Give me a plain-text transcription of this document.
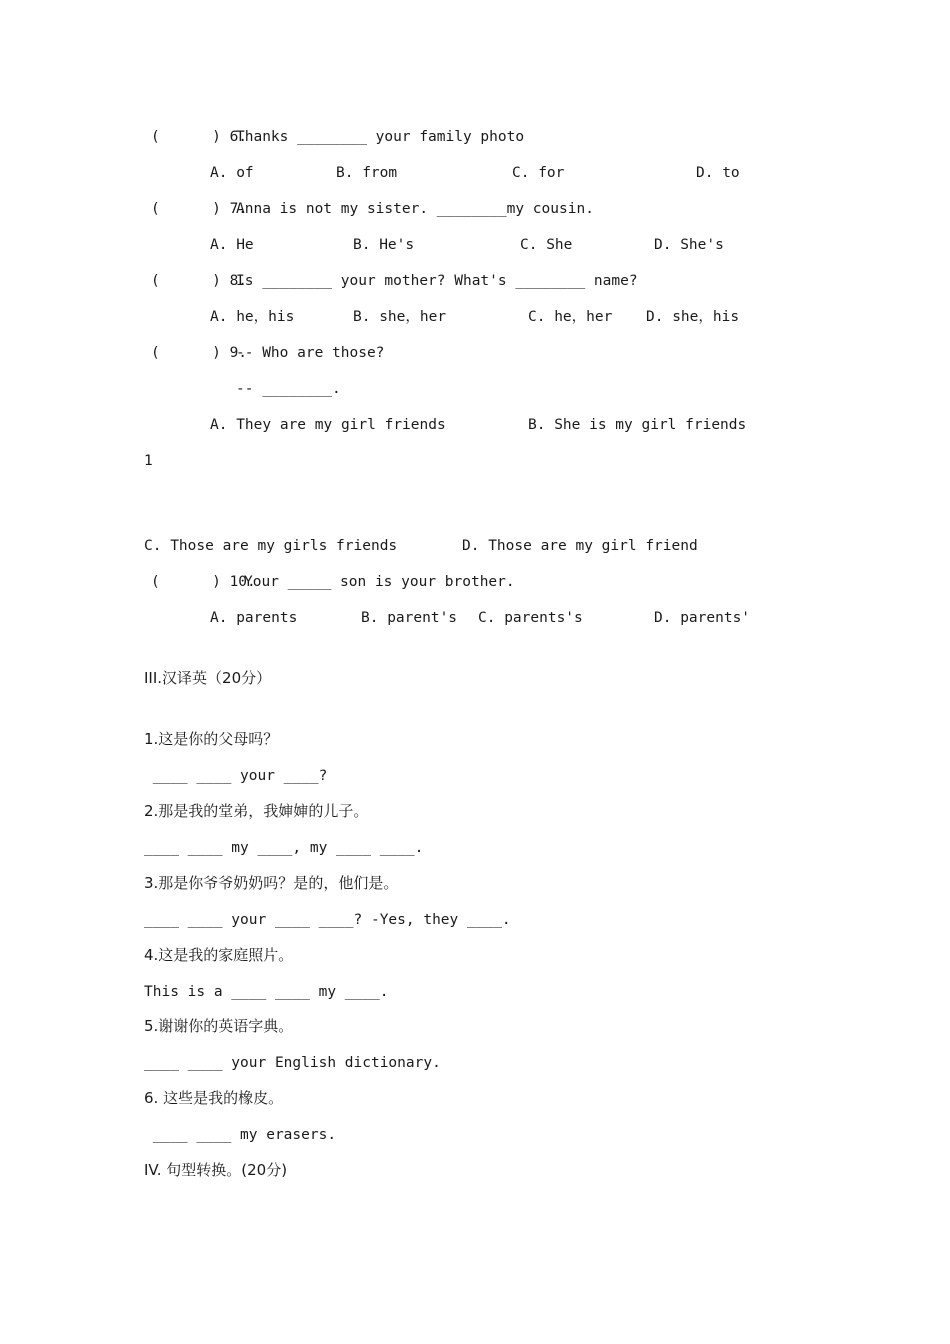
(      ) 6.
Thanks ________ your family photo
A. of	B. from	C. for	D. to
(      ) 7.
Anna is not my sister. ________my cousin.
A. He	B. He's	C. She	D. She's
(      ) 8.
Is ________ your mother? What's ________ name?
A. he，his	B. she，her	C. he，her D. she，his
(      ) 9.
-- Who are those?
-- ________.
A. They are my girl friends	B. She is my girl friends
1
C. Those are my girls friends	D. Those are my girl friend
(      ) 10.
Your _____ son is your brother.
A. parents	B. parent's C. parents's	D. parents'
III.汉译英（20分）
1.这是你的父母吗？
____ ____ your ____?
2.那是我的堂弟，我婶婶的儿子。
____ ____ my ____, my ____ ____.
3.那是你爷爷奶奶吗？是的，他们是。
____ ____ your ____ ____? -Yes, they ____.
4.这是我的家庭照片。
This is a ____ ____ my ____.
5.谢谢你的英语字典。
____ ____ your English dictionary.
6. 这些是我的橡皮。
____ ____ my erasers.
IV. 句型转换。(20分)
